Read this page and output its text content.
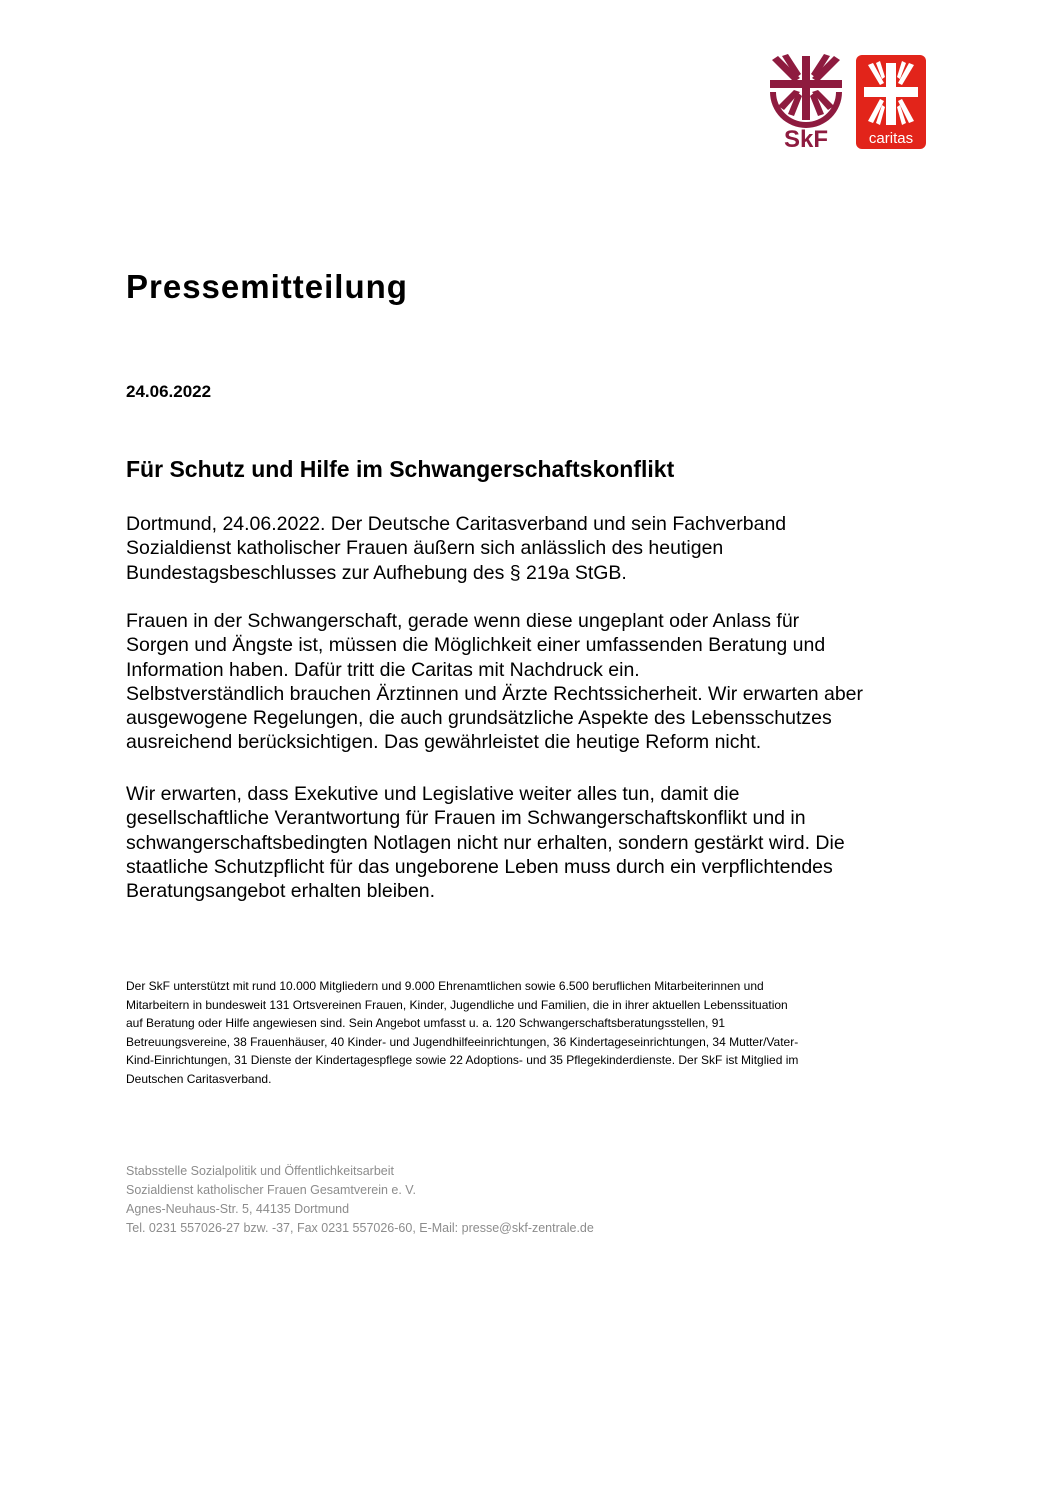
SkF	caritas
Pressemitteilung
24.06.2022
Für Schutz und Hilfe im Schwangerschaftskonflikt
Dortmund, 24.06.2022. Der Deutsche Caritasverband und sein Fachverband
Sozialdienst katholischer Frauen äußern sich anlässlich des heutigen
Bundestagsbeschlusses zur Aufhebung des § 219a StGB.
Frauen in der Schwangerschaft, gerade wenn diese ungeplant oder Anlass für
Sorgen und Ängste ist, müssen die Möglichkeit einer umfassenden Beratung und
Information haben. Dafür tritt die Caritas mit Nachdruck ein.
Selbstverständlich brauchen Ärztinnen und Ärzte Rechtssicherheit. Wir erwarten aber
ausgewogene Regelungen, die auch grundsätzliche Aspekte des Lebensschutzes
ausreichend berücksichtigen. Das gewährleistet die heutige Reform nicht.
Wir erwarten, dass Exekutive und Legislative weiter alles tun, damit die
gesellschaftliche Verantwortung für Frauen im Schwangerschaftskonflikt und in
schwangerschaftsbedingten Notlagen nicht nur erhalten, sondern gestärkt wird. Die
staatliche Schutzpflicht für das ungeborene Leben muss durch ein verpflichtendes
Beratungsangebot erhalten bleiben.
Der SkF unterstützt mit rund 10.000 Mitgliedern und 9.000 Ehrenamtlichen sowie 6.500 beruflichen Mitarbeiterinnen und
Mitarbeitern in bundesweit 131 Ortsvereinen Frauen, Kinder, Jugendliche und Familien, die in ihrer aktuellen Lebenssituation
auf Beratung oder Hilfe angewiesen sind. Sein Angebot umfasst u. a. 120 Schwangerschaftsberatungsstellen, 91
Betreuungsvereine, 38 Frauenhäuser, 40 Kinder- und Jugendhilfeeinrichtungen, 36 Kindertageseinrichtungen, 34 Mutter/Vater-
Kind-Einrichtungen, 31 Dienste der Kindertagespflege sowie 22 Adoptions- und 35 Pflegekinderdienste. Der SkF ist Mitglied im
Deutschen Caritasverband.
Stabsstelle Sozialpolitik und Öffentlichkeitsarbeit
Sozialdienst katholischer Frauen Gesamtverein e. V.
Agnes-Neuhaus-Str. 5, 44135 Dortmund
Tel. 0231 557026-27 bzw. -37, Fax 0231 557026-60, E-Mail: presse@skf-zentrale.de
